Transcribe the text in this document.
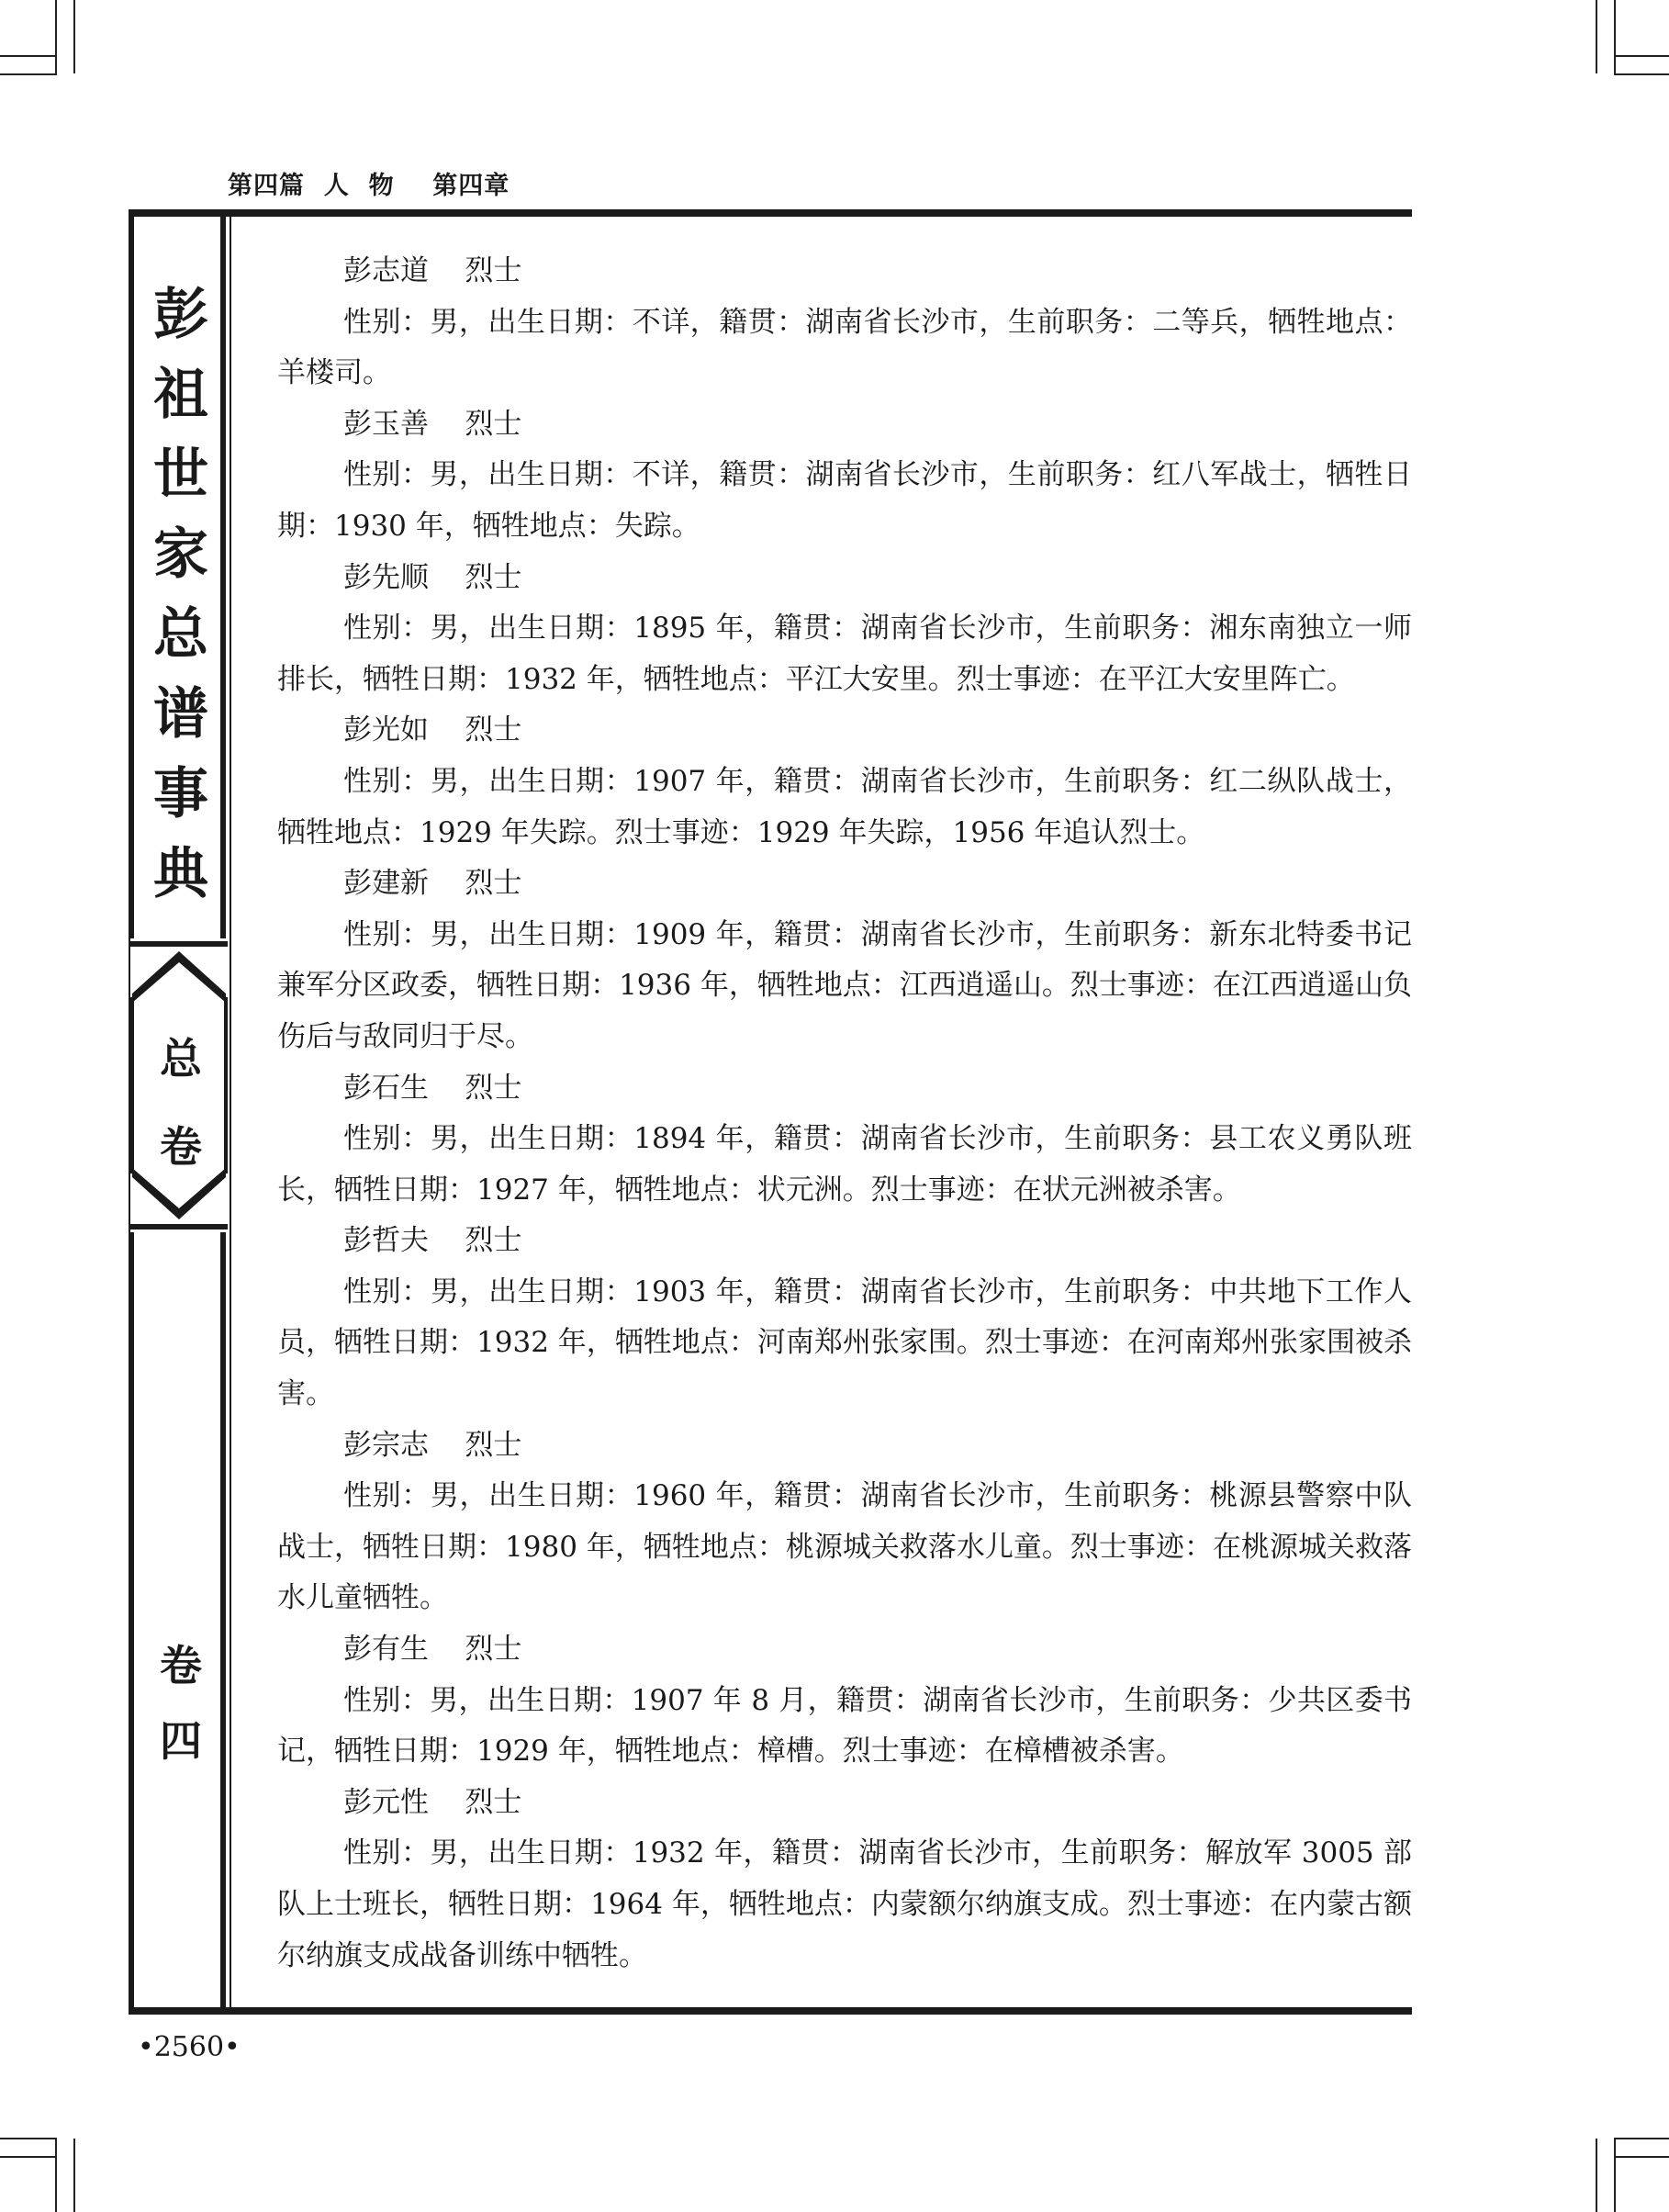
第四篇  人  物    第四章
彭
祖
世
家
总
谱
事
典
总
卷
卷
四
彭志道    烈士
性别：男，出生日期：不详，籍贯：湖南省长沙市，生前职务：二等兵，牺牲地点：羊楼司。
彭玉善    烈士
性别：男，出生日期：不详，籍贯：湖南省长沙市，生前职务：红八军战士，牺牲日期：1930 年，牺牲地点：失踪。
彭先顺    烈士
性别：男，出生日期：1895 年，籍贯：湖南省长沙市，生前职务：湘东南独立一师排长，牺牲日期：1932 年，牺牲地点：平江大安里。烈士事迹：在平江大安里阵亡。
彭光如    烈士
性别：男，出生日期：1907 年，籍贯：湖南省长沙市，生前职务：红二纵队战士，牺牲地点：1929 年失踪。烈士事迹：1929 年失踪，1956 年追认烈士。
彭建新    烈士
性别：男，出生日期：1909 年，籍贯：湖南省长沙市，生前职务：新东北特委书记兼军分区政委，牺牲日期：1936 年，牺牲地点：江西逍遥山。烈士事迹：在江西逍遥山负伤后与敌同归于尽。
彭石生    烈士
性别：男，出生日期：1894 年，籍贯：湖南省长沙市，生前职务：县工农义勇队班长，牺牲日期：1927 年，牺牲地点：状元洲。烈士事迹：在状元洲被杀害。
彭哲夫    烈士
性别：男，出生日期：1903 年，籍贯：湖南省长沙市，生前职务：中共地下工作人员，牺牲日期：1932 年，牺牲地点：河南郑州张家围。烈士事迹：在河南郑州张家围被杀害。
彭宗志    烈士
性别：男，出生日期：1960 年，籍贯：湖南省长沙市，生前职务：桃源县警察中队战士，牺牲日期：1980 年，牺牲地点：桃源城关救落水儿童。烈士事迹：在桃源城关救落水儿童牺牲。
彭有生    烈士
性别：男，出生日期：1907 年 8 月，籍贯：湖南省长沙市，生前职务：少共区委书记，牺牲日期：1929 年，牺牲地点：樟槽。烈士事迹：在樟槽被杀害。
彭元性    烈士
性别：男，出生日期：1932 年，籍贯：湖南省长沙市，生前职务：解放军 3005 部队上士班长，牺牲日期：1964 年，牺牲地点：内蒙额尔纳旗支成。烈士事迹：在内蒙古额尔纳旗支成战备训练中牺牲。
•2560•
